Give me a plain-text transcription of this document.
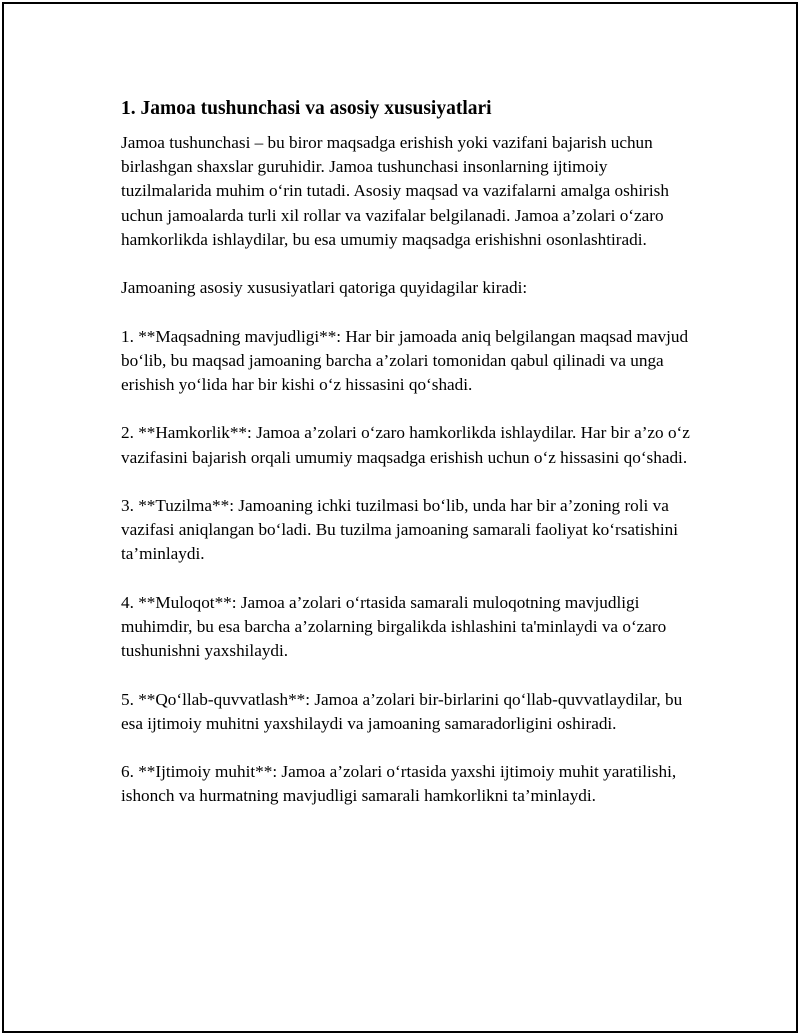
1. Jamoa tushunchasi va asosiy xususiyatlari

Jamoa tushunchasi – bu biror maqsadga erishish yoki vazifani bajarish uchun birlashgan shaxslar guruhidir. Jamoa tushunchasi insonlarning ijtimoiy tuzilmalarida muhim o‘rin tutadi. Asosiy maqsad va vazifalarni amalga oshirish uchun jamoalarda turli xil rollar va vazifalar belgilanadi. Jamoa a’zolari o‘zaro hamkorlikda ishlaydilar, bu esa umumiy maqsadga erishishni osonlashtiradi.

Jamoaning asosiy xususiyatlari qatoriga quyidagilar kiradi:

1. **Maqsadning mavjudligi**: Har bir jamoada aniq belgilangan maqsad mavjud bo‘lib, bu maqsad jamoaning barcha a’zolari tomonidan qabul qilinadi va unga erishish yo‘lida har bir kishi o‘z hissasini qo‘shadi.

2. **Hamkorlik**: Jamoa a’zolari o‘zaro hamkorlikda ishlaydilar. Har bir a’zo o‘z vazifasini bajarish orqali umumiy maqsadga erishish uchun o‘z hissasini qo‘shadi.

3. **Tuzilma**: Jamoaning ichki tuzilmasi bo‘lib, unda har bir a’zoning roli va vazifasi aniqlangan bo‘ladi. Bu tuzilma jamoaning samarali faoliyat ko‘rsatishini ta’minlaydi.

4. **Muloqot**: Jamoa a’zolari o‘rtasida samarali muloqotning mavjudligi muhimdir, bu esa barcha a’zolarning birgalikda ishlashini ta'minlaydi va o‘zaro tushunishni yaxshilaydi.

5. **Qo‘llab-quvvatlash**: Jamoa a’zolari bir-birlarini qo‘llab-quvvatlaydilar, bu esa ijtimoiy muhitni yaxshilaydi va jamoaning samaradorligini oshiradi.

6. **Ijtimoiy muhit**: Jamoa a’zolari o‘rtasida yaxshi ijtimoiy muhit yaratilishi, ishonch va hurmatning mavjudligi samarali hamkorlikni ta’minlaydi.
